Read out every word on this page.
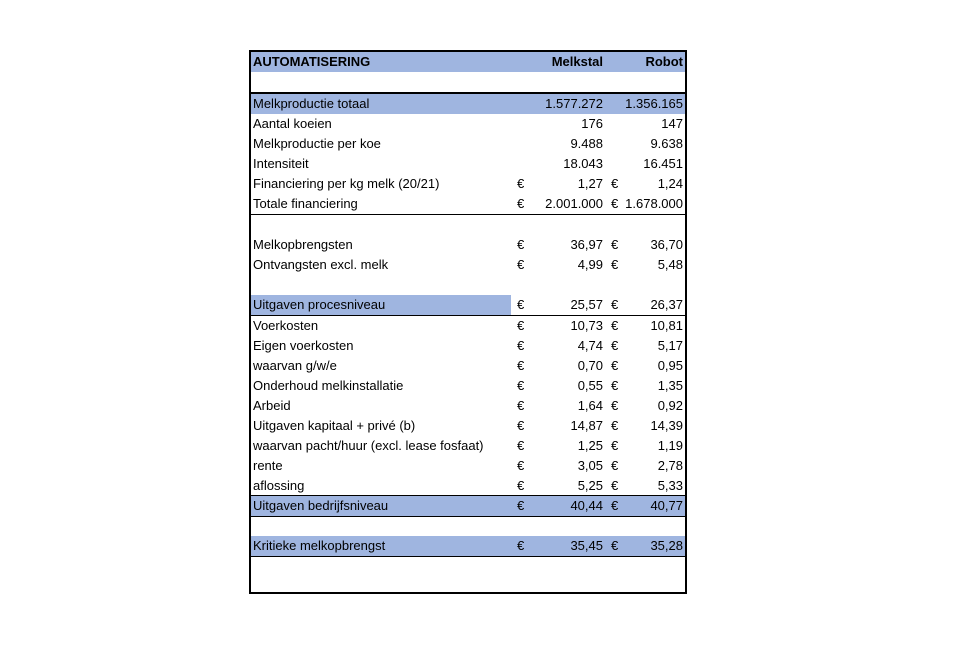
AUTOMATISERING	Melkstal	Robot
Melkproductie totaal	1.577.272	1.356.165
Aantal koeien	176	147
Melkproductie per koe	9.488	9.638
Intensiteit	18.043	16.451
Financiering per kg melk (20/21)	€	1,27 €	1,24
Totale financiering	€	2.001.000 € 1.678.000
Melkopbrengsten	€	36,97 €	36,70
Ontvangsten excl. melk	€	4,99 €	5,48
Uitgaven procesniveau	€	25,57 €	26,37
Voerkosten	€	10,73 €	10,81
Eigen voerkosten	€	4,74 €	5,17
waarvan g/w/e	€	0,70 €	0,95
Onderhoud melkinstallatie	€	0,55 €	1,35
Arbeid	€	1,64 €	0,92
Uitgaven kapitaal + privé (b)	€	14,87 €	14,39
waarvan pacht/huur (excl. lease fosfaat)	€	1,25 €	1,19
rente	€	3,05 €	2,78
aflossing	€	5,25 €	5,33
Uitgaven bedrijfsniveau	€	40,44 €	40,77
Kritieke melkopbrengst	€	35,45 €	35,28
